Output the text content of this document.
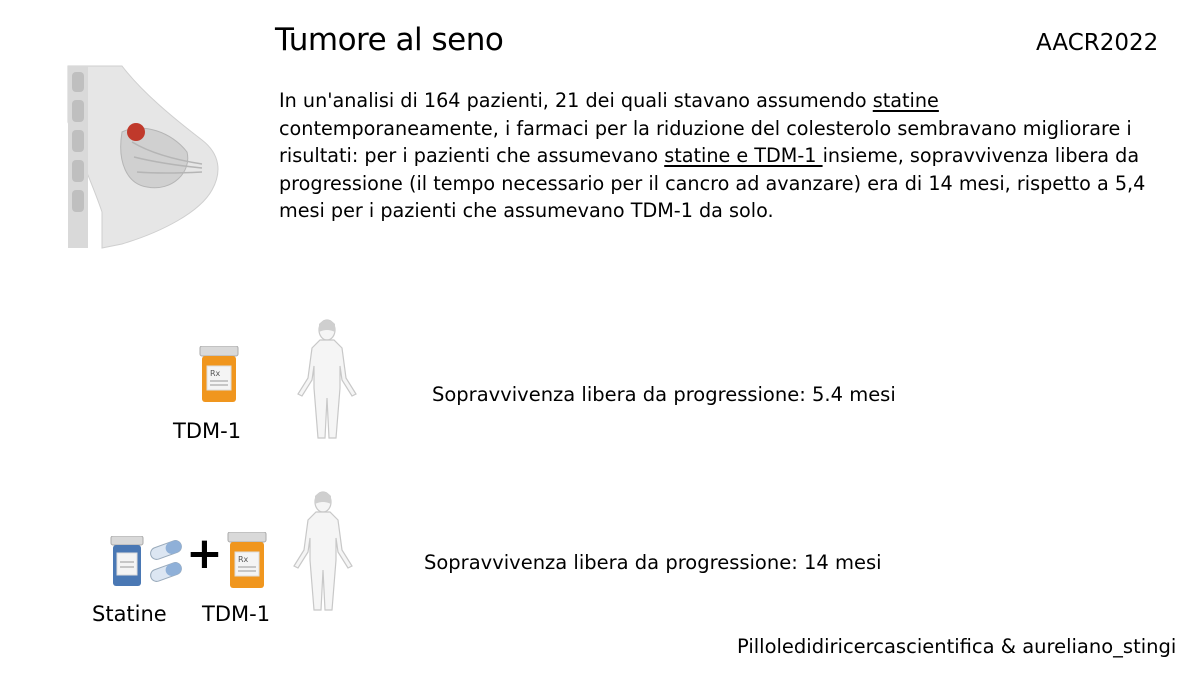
Tumore al seno	AACR2022
In un'analisi di 164 pazienti, 21 dei quali stavano assumendo statine contemporaneamente, i farmaci per la riduzione del colesterolo sembravano migliorare i risultati: per i pazienti che assumevano statine e TDM-1 insieme, sopravvivenza libera da progressione (il tempo necessario per il cancro ad avanzare) era di 14 mesi, rispetto a 5,4 mesi per i pazienti che assumevano TDM-1 da solo.
Rx
TDM-1
Sopravvivenza libera da progressione: 5.4 mesi
+ Rx
Statine TDM-1
Sopravvivenza libera da progressione: 14 mesi
Pilloledidiricercascientifica & aureliano_stingi
